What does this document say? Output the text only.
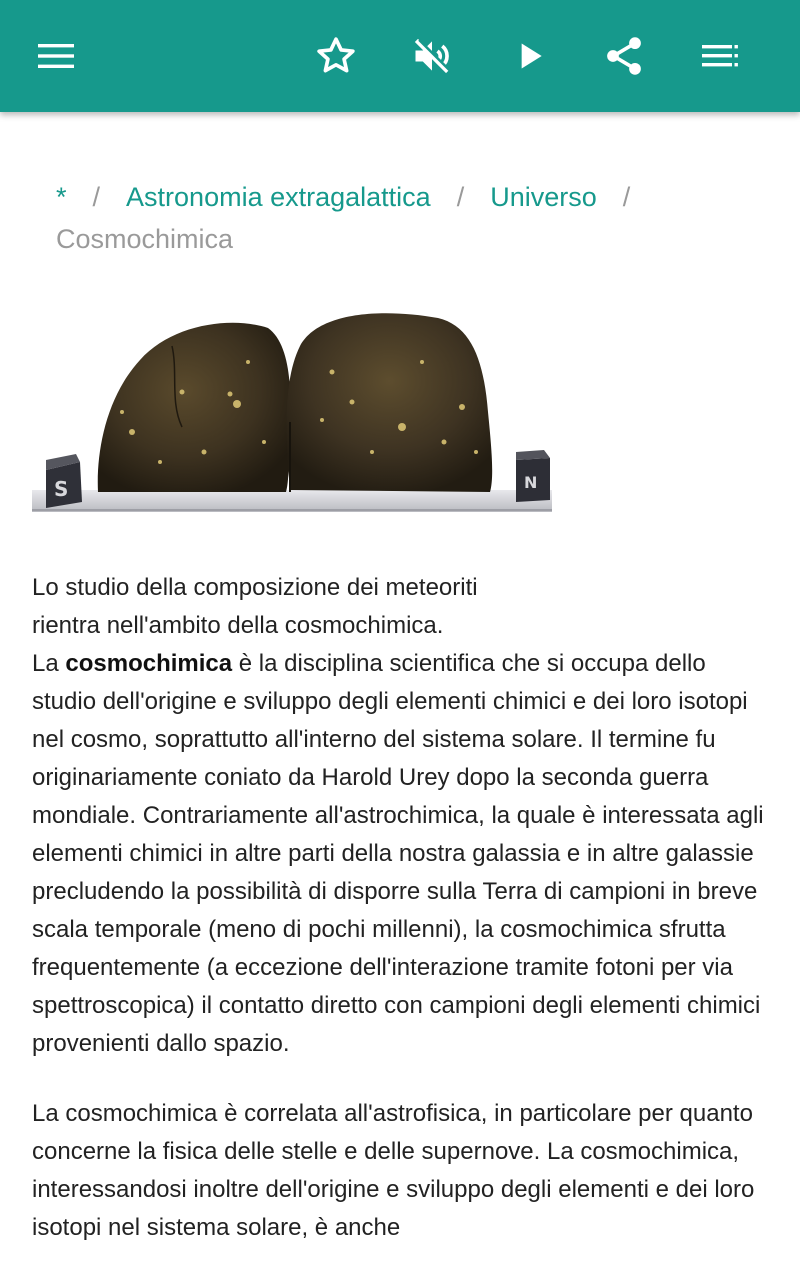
* / Astronomia extragalattica / Universo /
Cosmochimica
S	N

Lo studio della composizione dei meteoriti
rientra nell'ambito della cosmochimica.
La cosmochimica è la disciplina scientifica che si occupa dello studio dell'origine e sviluppo degli elementi chimici e dei loro isotopi nel cosmo, soprattutto all'interno del sistema solare. Il termine fu originariamente coniato da Harold Urey dopo la seconda guerra mondiale. Contrariamente all'astrochimica, la quale è interessata agli elementi chimici in altre parti della nostra galassia e in altre galassie precludendo la possibilità di disporre sulla Terra di campioni in breve scala temporale (meno di pochi millenni), la cosmochimica sfrutta frequentemente (a eccezione dell'interazione tramite fotoni per via spettroscopica) il contatto diretto con campioni degli elementi chimici provenienti dallo spazio.

La cosmochimica è correlata all'astrofisica, in particolare per quanto concerne la fisica delle stelle e delle supernove. La cosmochimica, interessandosi inoltre dell'origine e sviluppo degli elementi e dei loro isotopi nel sistema solare, è anche
